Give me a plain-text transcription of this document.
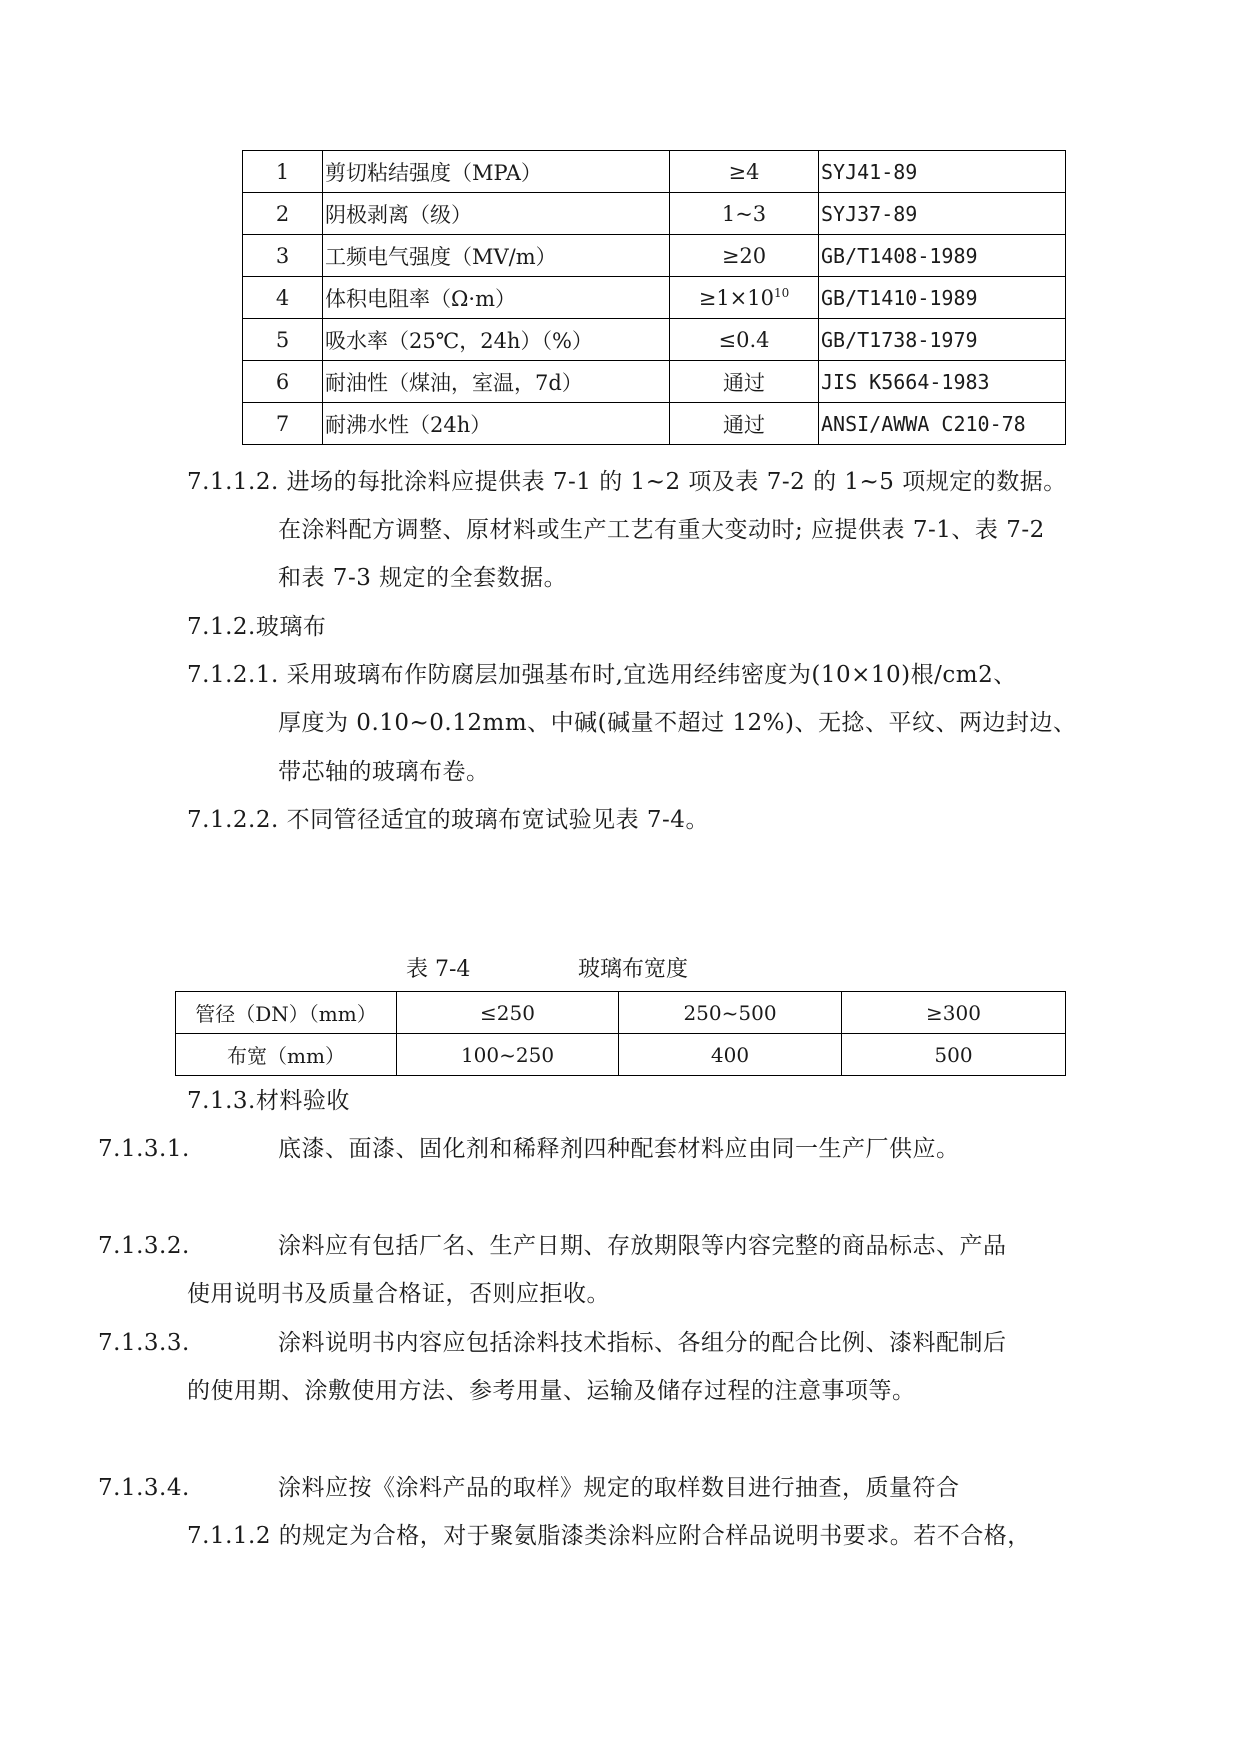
1	剪切粘结强度（MPA）	≥4	SYJ41-89
2	阴极剥离（级）	1~3	SYJ37-89
3	工频电气强度（MV/m）	≥20	GB/T1408-1989
4	体积电阻率（Ω·m）	$\ge 1\times 10^{10}$	GB/T1410-1989
5	吸水率（25℃，24h）（%）	≤0.4	GB/T1738-1979
6	耐油性（煤油，室温，7d）	通过	JIS K5664-1983
7	耐沸水性（24h）	通过	ANSI/AWWA C210-78
7.1.1.2. 进场的每批涂料应提供表 7-1 的 1~2 项及表 7-2 的 1~5 项规定的数据。
在涂料配方调整、原材料或生产工艺有重大变动时; 应提供表 7-1、表 7-2
和表 7-3 规定的全套数据。
7.1.2.玻璃布
7.1.2.1. 采用玻璃布作防腐层加强基布时,宜选用经纬密度为(10×10)根/cm2、
厚度为 0.10~0.12mm、中碱(碱量不超过 12%)、无捻、平纹、两边封边、
带芯轴的玻璃布卷。
7.1.2.2. 不同管径适宜的玻璃布宽试验见表 7-4。
表 7-4	玻璃布宽度
管径（DN）（mm）	≤250	250~500	≥300
布宽（mm）	100~250	400	500
7.1.3.材料验收
7.1.3.1.	底漆、面漆、固化剂和稀释剂四种配套材料应由同一生产厂供应。
7.1.3.2.	涂料应有包括厂名、生产日期、存放期限等内容完整的商品标志、产品
使用说明书及质量合格证，否则应拒收。
7.1.3.3.	涂料说明书内容应包括涂料技术指标、各组分的配合比例、漆料配制后
的使用期、涂敷使用方法、参考用量、运输及储存过程的注意事项等。
7.1.3.4.	涂料应按《涂料产品的取样》规定的取样数目进行抽查，质量符合
7.1.1.2 的规定为合格，对于聚氨脂漆类涂料应附合样品说明书要求。若不合格，
